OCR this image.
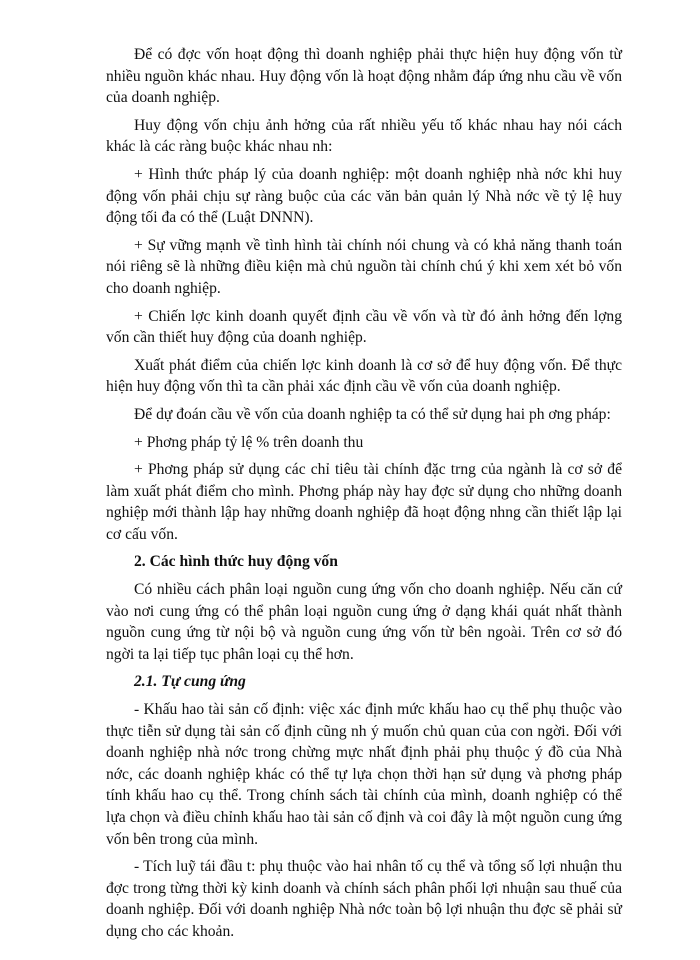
Để có đợc vốn hoạt động thì doanh nghiệp phải thực hiện huy động vốn từ nhiều nguồn khác nhau. Huy động vốn là hoạt động nhằm đáp ứng nhu cầu về vốn của doanh nghiệp.

Huy động vốn chịu ảnh hởng của rất nhiều yếu tố khác nhau hay nói cách khác là các ràng buộc khác nhau nh:

+ Hình thức pháp lý của doanh nghiệp: một doanh nghiệp nhà nớc khi huy động vốn phải chịu sự ràng buộc của các văn bản quản lý Nhà nớc về tỷ lệ huy động tối đa có thể (Luật DNNN).

+ Sự vững mạnh về tình hình tài chính nói chung và có khả năng thanh toán nói riêng sẽ là những điều kiện mà chủ nguồn tài chính chú ý khi xem xét bỏ vốn cho doanh nghiệp.

+ Chiến lợc kinh doanh quyết định cầu về vốn và từ đó ảnh hởng đến lợng vốn cần thiết huy động của doanh nghiệp.

Xuất phát điểm của chiến lợc kinh doanh là cơ sở để huy động vốn. Để thực hiện huy động vốn thì ta cần phải xác định cầu về vốn của doanh nghiệp.

Để dự đoán cầu về vốn của doanh nghiệp ta có thể sử dụng hai ph ơng pháp:

+ Phơng pháp tỷ lệ % trên doanh thu

+ Phơng pháp sử dụng các chỉ tiêu tài chính đặc trng của ngành là cơ sở để làm xuất phát điểm cho mình. Phơng pháp này hay đợc sử dụng cho những doanh nghiệp mới thành lập hay những doanh nghiệp đã hoạt động nhng cần thiết lập lại cơ cấu vốn.

2. Các hình thức huy động vốn

Có nhiều cách phân loại nguồn cung ứng vốn cho doanh nghiệp. Nếu căn cứ vào nơi cung ứng có thể phân loại nguồn cung ứng ở dạng khái quát nhất thành nguồn cung ứng từ nội bộ và nguồn cung ứng vốn từ bên ngoài. Trên cơ sở đó ngời ta lại tiếp tục phân loại cụ thể hơn.

2.1. Tự cung ứng

- Khấu hao tài sản cố định: việc xác định mức khấu hao cụ thể phụ thuộc vào thực tiễn sử dụng tài sản cố định cũng nh ý muốn chủ quan của con ngời. Đối với doanh nghiệp nhà nớc trong chừng mực nhất định phải phụ thuộc ý đồ của Nhà nớc, các doanh nghiệp khác có thể tự lựa chọn thời hạn sử dụng và phơng pháp tính khấu hao cụ thể. Trong chính sách tài chính của mình, doanh nghiệp có thể lựa chọn và điều chỉnh khấu hao tài sản cố định và coi đây là một nguồn cung ứng vốn bên trong của mình.

- Tích luỹ tái đầu t: phụ thuộc vào hai nhân tố cụ thể và tổng số lợi nhuận thu đợc trong từng thời kỳ kinh doanh và chính sách phân phối lợi nhuận sau thuế của doanh nghiệp. Đối với doanh nghiệp Nhà nớc toàn bộ lợi nhuận thu đợc sẽ phải sử dụng cho các khoản.
